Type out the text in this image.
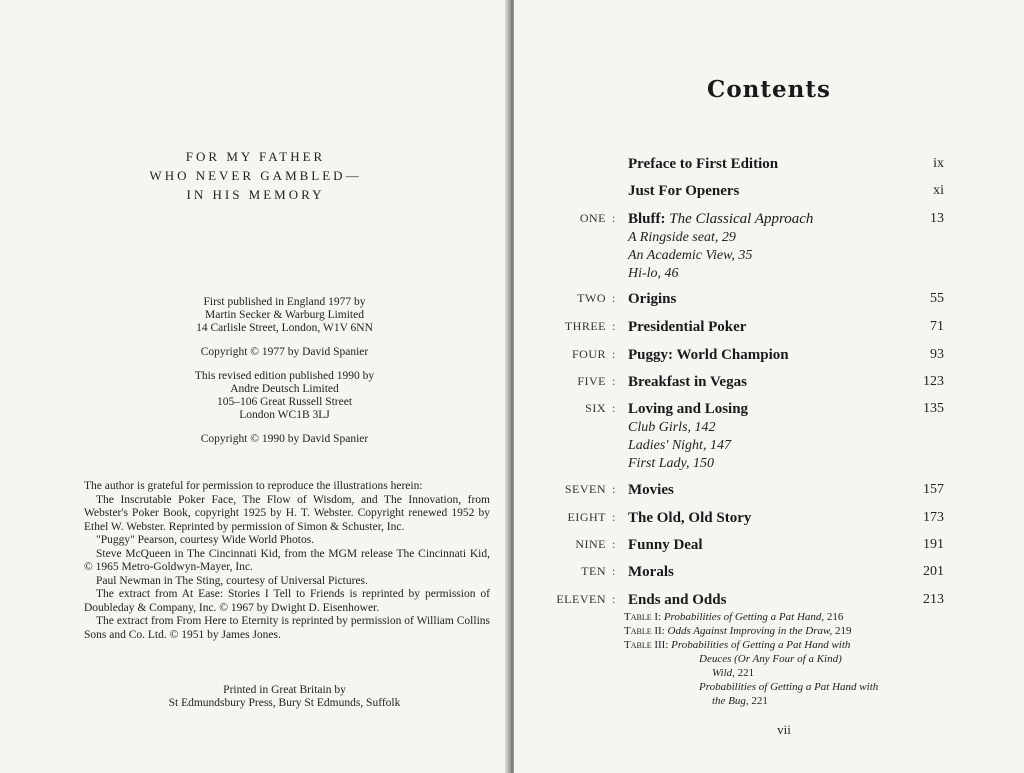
FOR MY FATHER
WHO NEVER GAMBLED—
IN HIS MEMORY

First published in England 1977 by
Martin Secker & Warburg Limited
14 Carlisle Street, London, W1V 6NN

Copyright © 1977 by David Spanier

This revised edition published 1990 by
Andre Deutsch Limited
105–106 Great Russell Street
London WC1B 3LJ

Copyright © 1990 by David Spanier

The author is grateful for permission to reproduce the illustrations herein:

The Inscrutable Poker Face, The Flow of Wisdom, and The Innovation, from Webster's Poker Book, copyright 1925 by H. T. Webster. Copyright renewed 1952 by Ethel W. Webster. Reprinted by permission of Simon & Schuster, Inc.

"Puggy" Pearson, courtesy Wide World Photos.

Steve McQueen in The Cincinnati Kid, from the MGM release The Cincinnati Kid, © 1965 Metro-Goldwyn-Mayer, Inc.

Paul Newman in The Sting, courtesy of Universal Pictures.

The extract from At Ease: Stories I Tell to Friends is reprinted by permission of Doubleday & Company, Inc. © 1967 by Dwight D. Eisenhower.

The extract from From Here to Eternity is reprinted by permission of William Collins Sons and Co. Ltd. © 1951 by James Jones.

Printed in Great Britain by

St Edmundsbury Press, Bury St Edmunds, Suffolk

Contents
Preface to First Edition	ix
Just For Openers	xi
ONE : Bluff: The Classical Approach	13
A Ringside seat, 29
An Academic View, 35
Hi-lo, 46
TWO : Origins	55
THREE : Presidential Poker	71
FOUR : Puggy: World Champion	93
FIVE : Breakfast in Vegas	123
SIX : Loving and Losing	135
Club Girls, 142
Ladies' Night, 147
First Lady, 150
SEVEN : Movies	157
EIGHT : The Old, Old Story	173
NINE : Funny Deal	191
TEN : Morals	201
ELEVEN : Ends and Odds	213
Table I: Probabilities of Getting a Pat Hand, 216
Table II: Odds Against Improving in the Draw, 219
Table III: Probabilities of Getting a Pat Hand with
Deuces (Or Any Four of a Kind)
Wild, 221
Probabilities of Getting a Pat Hand with
the Bug, 221
vii
